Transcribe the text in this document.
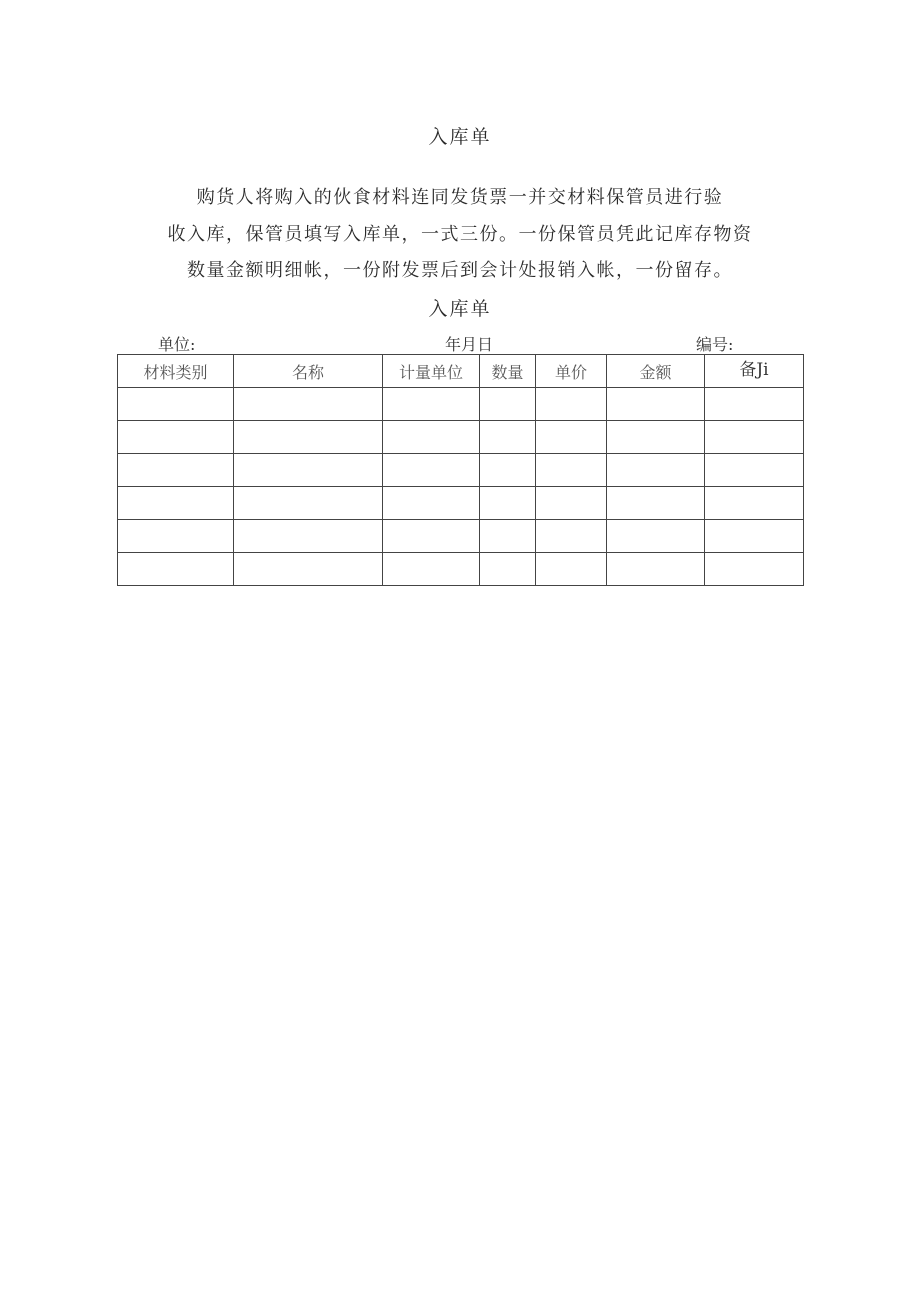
入库单
购货人将购入的伙食材料连同发货票一并交材料保管员进行验
收入库，保管员填写入库单，一式三份。一份保管员凭此记库存物资
数量金额明细帐，一份附发票后到会计处报销入帐，一份留存。
入库单
单位:	年月日	编号:
材料类别	名称	计量单位	数量	单价	金额	备Ji
